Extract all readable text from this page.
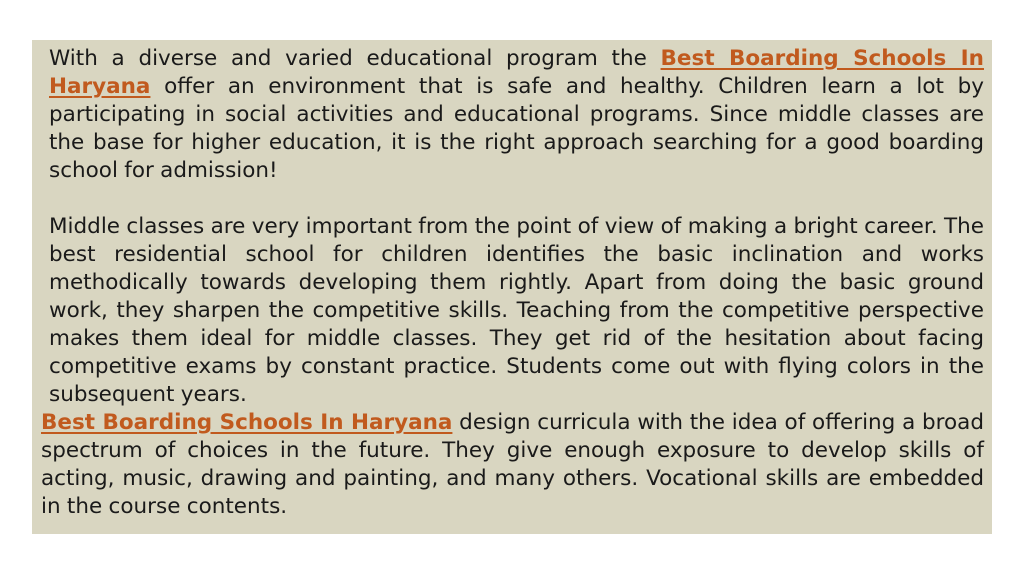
With a diverse and varied educational program the Best Boarding Schools In Haryana offer an environment that is safe and healthy. Children learn a lot by participating in social activities and educational programs. Since middle classes are the base for higher education, it is the right approach searching for a good boarding school for admission!

Middle classes are very important from the point of view of making a bright career. The best residential school for children identifies the basic inclination and works methodically towards developing them rightly. Apart from doing the basic ground work, they sharpen the competitive skills. Teaching from the competitive perspective makes them ideal for middle classes. They get rid of the hesitation about facing competitive exams by constant practice. Students come out with flying colors in the subsequent years.

Best Boarding Schools In Haryana design curricula with the idea of offering a broad spectrum of choices in the future. They give enough exposure to develop skills of acting, music, drawing and painting, and many others. Vocational skills are embedded in the course contents.
